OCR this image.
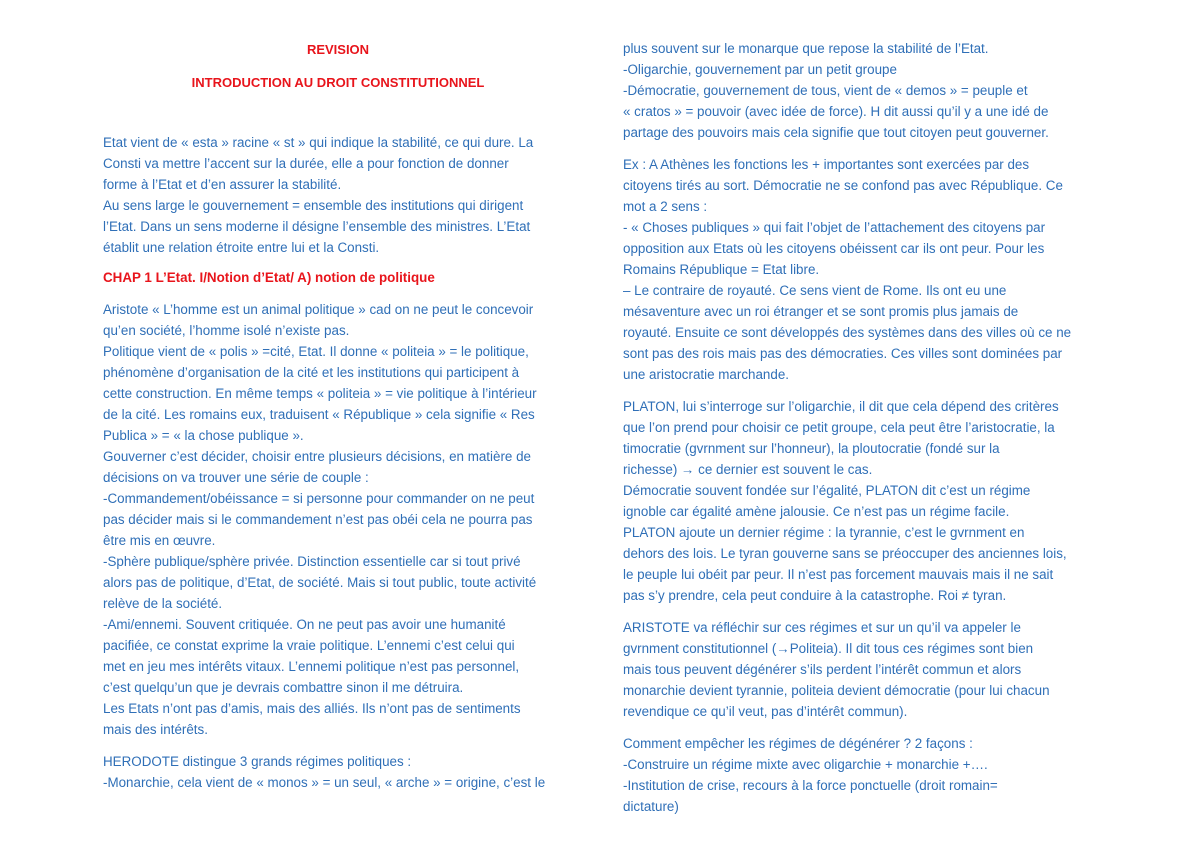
REVISION
INTRODUCTION AU DROIT CONSTITUTIONNEL
Etat vient de « esta » racine « st » qui indique la stabilité, ce qui dure. La
Consti va mettre l’accent sur la durée, elle a pour fonction de donner
forme à l’Etat et d’en assurer la stabilité.
Au sens large le gouvernement = ensemble des institutions qui dirigent
l’Etat. Dans un sens moderne il désigne l’ensemble des ministres. L’Etat
établit une relation étroite entre lui et la Consti.
CHAP 1 L’Etat. I/Notion d’Etat/ A) notion de politique
Aristote « L’homme est un animal politique » cad on ne peut le concevoir
qu’en société, l’homme isolé n’existe pas.
Politique vient de « polis » =cité, Etat. Il donne « politeia » = le politique,
phénomène d’organisation de la cité et les institutions qui participent à
cette construction. En même temps « politeia » = vie politique à l’intérieur
de la cité. Les romains eux, traduisent « République » cela signifie « Res
Publica » = « la chose publique ».
Gouverner c’est décider, choisir entre plusieurs décisions, en matière de
décisions on va trouver une série de couple :
-Commandement/obéissance = si personne pour commander on ne peut
pas décider mais si le commandement n’est pas obéi cela ne pourra pas
être mis en œuvre.
-Sphère publique/sphère privée. Distinction essentielle car si tout privé
alors pas de politique, d’Etat, de société. Mais si tout public, toute activité
relève de la société.
-Ami/ennemi. Souvent critiquée. On ne peut pas avoir une humanité
pacifiée, ce constat exprime la vraie politique. L’ennemi c’est celui qui
met en jeu mes intérêts vitaux. L’ennemi politique n’est pas personnel,
c’est quelqu’un que je devrais combattre sinon il me détruira.
Les Etats n’ont pas d’amis, mais des alliés. Ils n’ont pas de sentiments
mais des intérêts.
HERODOTE distingue 3 grands régimes politiques :
-Monarchie, cela vient de « monos » = un seul, « arche » = origine, c’est le
plus souvent sur le monarque que repose la stabilité de l’Etat.
-Oligarchie, gouvernement par un petit groupe
-Démocratie, gouvernement de tous, vient de « demos » = peuple et
« cratos » = pouvoir (avec idée de force). H dit aussi qu’il y a une idé de
partage des pouvoirs mais cela signifie que tout citoyen peut gouverner.
Ex : A Athènes les fonctions les + importantes sont exercées par des
citoyens tirés au sort. Démocratie ne se confond pas avec République. Ce
mot a 2 sens :
- « Choses publiques » qui fait l’objet de l’attachement des citoyens par
opposition aux Etats où les citoyens obéissent car ils ont peur. Pour les
Romains République = Etat libre.
– Le contraire de royauté. Ce sens vient de Rome. Ils ont eu une
mésaventure avec un roi étranger et se sont promis plus jamais de
royauté. Ensuite ce sont développés des systèmes dans des villes où ce ne
sont pas des rois mais pas des démocraties. Ces villes sont dominées par
une aristocratie marchande.
PLATON, lui s’interroge sur l’oligarchie, il dit que cela dépend des critères
que l’on prend pour choisir ce petit groupe, cela peut être l’aristocratie, la
timocratie (gvrnment sur l’honneur), la ploutocratie (fondé sur la
richesse) → ce dernier est souvent le cas.
Démocratie souvent fondée sur l’égalité, PLATON dit c’est un régime
ignoble car égalité amène jalousie. Ce n’est pas un régime facile.
PLATON ajoute un dernier régime : la tyrannie, c’est le gvrnment en
dehors des lois. Le tyran gouverne sans se préoccuper des anciennes lois,
le peuple lui obéit par peur. Il n’est pas forcement mauvais mais il ne sait
pas s’y prendre, cela peut conduire à la catastrophe. Roi ≠ tyran.
ARISTOTE va réfléchir sur ces régimes et sur un qu’il va appeler le
gvrnment constitutionnel (→Politeia). Il dit tous ces régimes sont bien
mais tous peuvent dégénérer s’ils perdent l’intérêt commun et alors
monarchie devient tyrannie, politeia devient démocratie (pour lui chacun
revendique ce qu’il veut, pas d’intérêt commun).
Comment empêcher les régimes de dégénérer ? 2 façons :
-Construire un régime mixte avec oligarchie + monarchie +….
-Institution de crise, recours à la force ponctuelle (droit romain=
dictature)
